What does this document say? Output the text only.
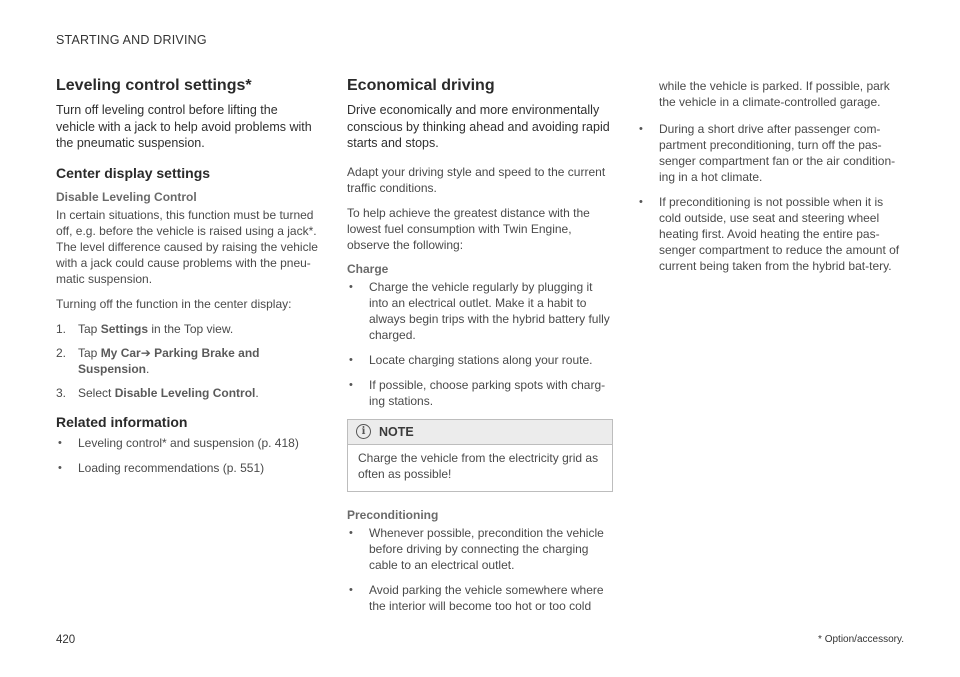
STARTING AND DRIVING
Leveling control settings*

Turn off leveling control before lifting the vehicle with a jack to help avoid problems with the pneumatic suspension.

Center display settings
Disable Leveling Control

In certain situations, this function must be turned off, e.g. before the vehicle is raised using a jack*. The level difference caused by raising the vehicle with a jack could cause problems with the pneu-matic suspension.

Turning off the function in the center display:

1. Tap Settings in the Top view.
2. Tap My Car➔ Parking Brake and Suspension.
3. Select Disable Leveling Control.
Related information
• Leveling control* and suspension (p. 418)
• Loading recommendations (p. 551)
Economical driving

Drive economically and more environmentally conscious by thinking ahead and avoiding rapid starts and stops.

Adapt your driving style and speed to the current traffic conditions.

To help achieve the greatest distance with the lowest fuel consumption with Twin Engine, observe the following:

Charge
• Charge the vehicle regularly by plugging it into an electrical outlet. Make it a habit to always begin trips with the hybrid battery fully charged.
• Locate charging stations along your route.
• If possible, choose parking spots with charg-ing stations.
i	NOTE
Charge the vehicle from the electricity grid as often as possible!
Preconditioning
• Whenever possible, precondition the vehicle before driving by connecting the charging cable to an electrical outlet.
• Avoid parking the vehicle somewhere where the interior will become too hot or too cold

while the vehicle is parked. If possible, park the vehicle in a climate-controlled garage.

• During a short drive after passenger com-partment preconditioning, turn off the pas-senger compartment fan or the air condition-ing in a hot climate.
• If preconditioning is not possible when it is cold outside, use seat and steering wheel heating first. Avoid heating the entire pas-senger compartment to reduce the amount of current being taken from the hybrid bat-tery.
420	* Option/accessory.
